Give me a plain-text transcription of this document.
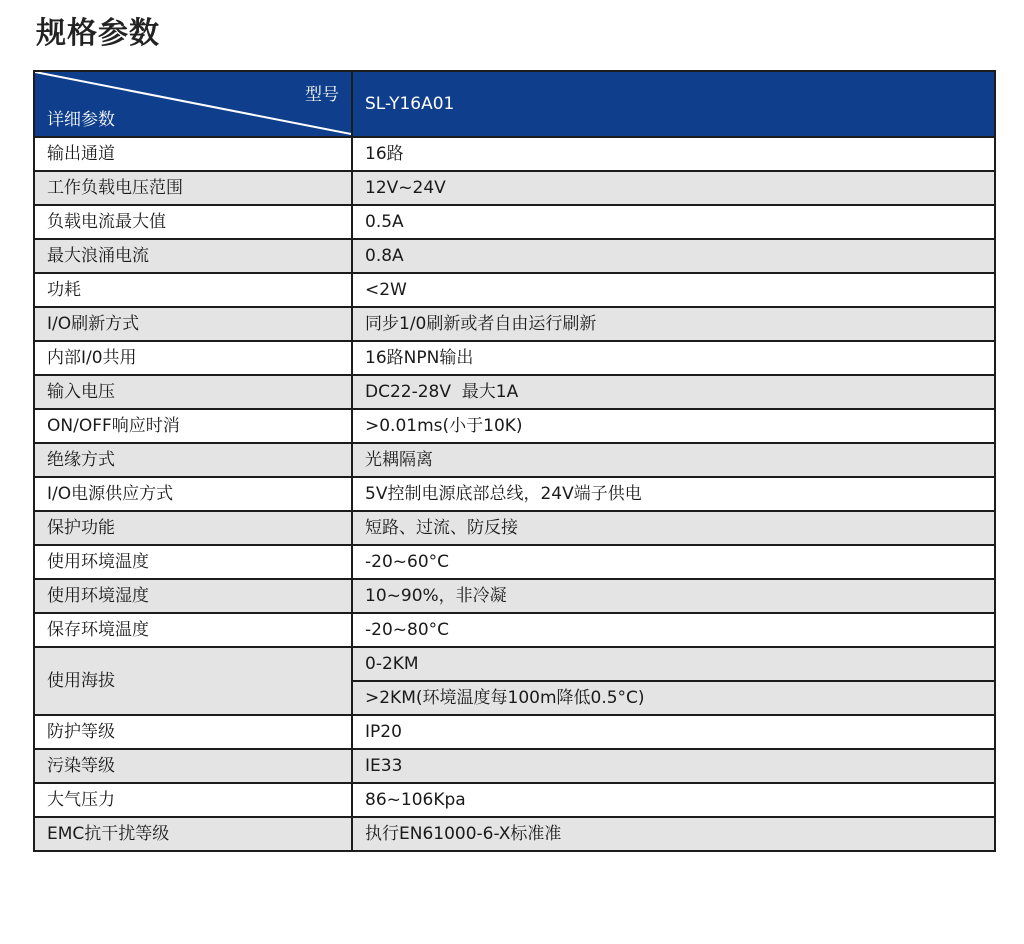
规格参数
型号
详细参数	SL-Y16A01
输出通道	16路
工作负载电压范围	12V~24V
负载电流最大值	0.5A
最大浪涌电流	0.8A
功耗	<2W
I/O刷新方式	同步1/0刷新或者自由运行刷新
内部I/0共用	16路NPN输出
输入电压	DC22-28V  最大1A
ON/OFF响应时消	>0.01ms(小于10K)
绝缘方式	光耦隔离
I/O电源供应方式	5V控制电源底部总线，24V端子供电
保护功能	短路、过流、防反接
使用环境温度	-20~60°C
使用环境湿度	10~90%，非冷凝
保存环境温度	-20~80°C
使用海拔	0-2KM
	>2KM(环境温度每100m降低0.5°C)
防护等级	IP20
污染等级	IE33
大气压力	86~106Kpa
EMC抗干扰等级	执行EN61000-6-X标准准
